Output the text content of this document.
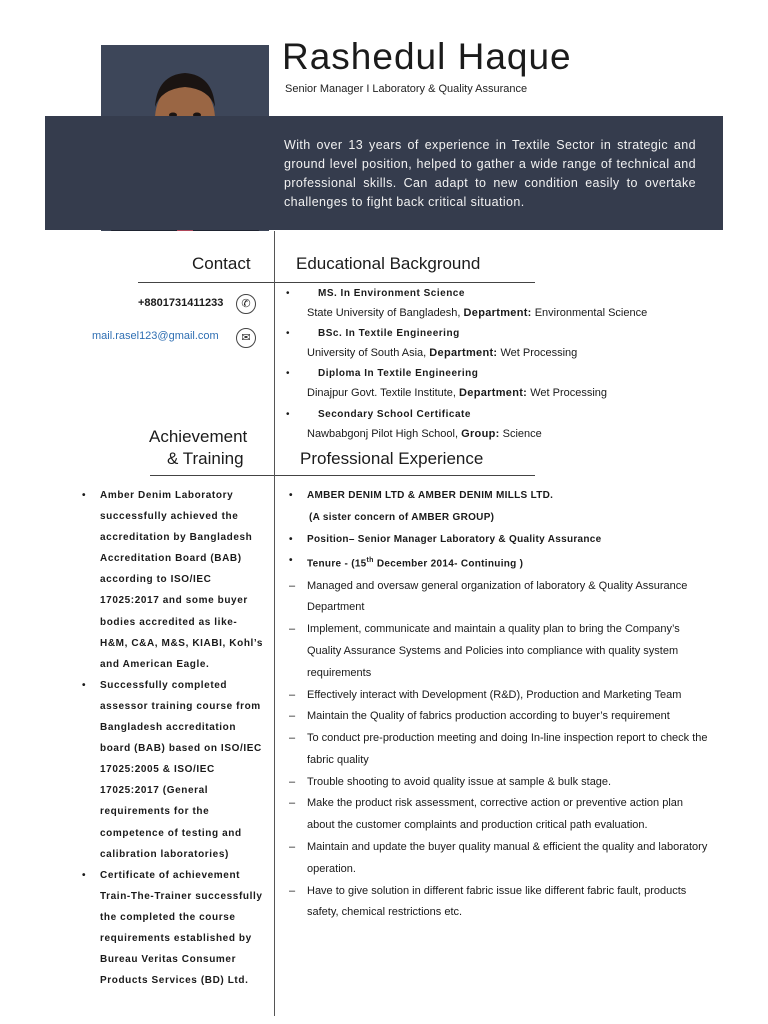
Rashedul Haque
Senior Manager I Laboratory & Quality Assurance
With over 13 years of experience in Textile Sector in strategic and ground level position, helped to gather a wide range of technical and professional skills. Can adapt to new condition easily to overtake challenges to fight back critical situation.
Contact
+8801731411233	✆
mail.rasel123@gmail.com	✉
Educational Background
•	MS. In Environment Science
State University of Bangladesh, Department: Environmental Science
•	BSc. In Textile Engineering
University of South Asia, Department: Wet Processing
•	Diploma In Textile Engineering
Dinajpur Govt. Textile Institute, Department: Wet Processing
•	Secondary School Certificate
Nawbabgonj Pilot High School, Group: Science
Achievement
& Training
• Amber Denim Laboratory successfully achieved the accreditation by Bangladesh Accreditation Board (BAB) according to ISO/IEC 17025:2017 and some buyer bodies accredited as like- H&M, C&A, M&S, KIABI, Kohl’s and American Eagle.
• Successfully completed assessor training course from Bangladesh accreditation board (BAB) based on ISO/IEC 17025:2005 & ISO/IEC 17025:2017 (General requirements for the competence of testing and calibration laboratories)
• Certificate of achievement Train-The-Trainer successfully the completed the course requirements established by Bureau Veritas Consumer Products Services (BD) Ltd.
Professional Experience
• AMBER DENIM LTD & AMBER DENIM MILLS LTD.
(A sister concern of AMBER GROUP)
• Position– Senior Manager Laboratory & Quality Assurance
• Tenure - (15th December 2014- Continuing )
– Managed and oversaw general organization of laboratory & Quality Assurance Department
– Implement, communicate and maintain a quality plan to bring the Company’s Quality Assurance Systems and Policies into compliance with quality system requirements
– Effectively interact with Development (R&D), Production and Marketing Team
– Maintain the Quality of fabrics production according to buyer’s requirement
– To conduct pre-production meeting and doing In-line inspection report to check the fabric quality
– Trouble shooting to avoid quality issue at sample & bulk stage.
– Make the product risk assessment, corrective action or preventive action plan about the customer complaints and production critical path evaluation.
– Maintain and update the buyer quality manual & efficient the quality and laboratory operation.
– Have to give solution in different fabric issue like different fabric fault, products safety, chemical restrictions etc.
